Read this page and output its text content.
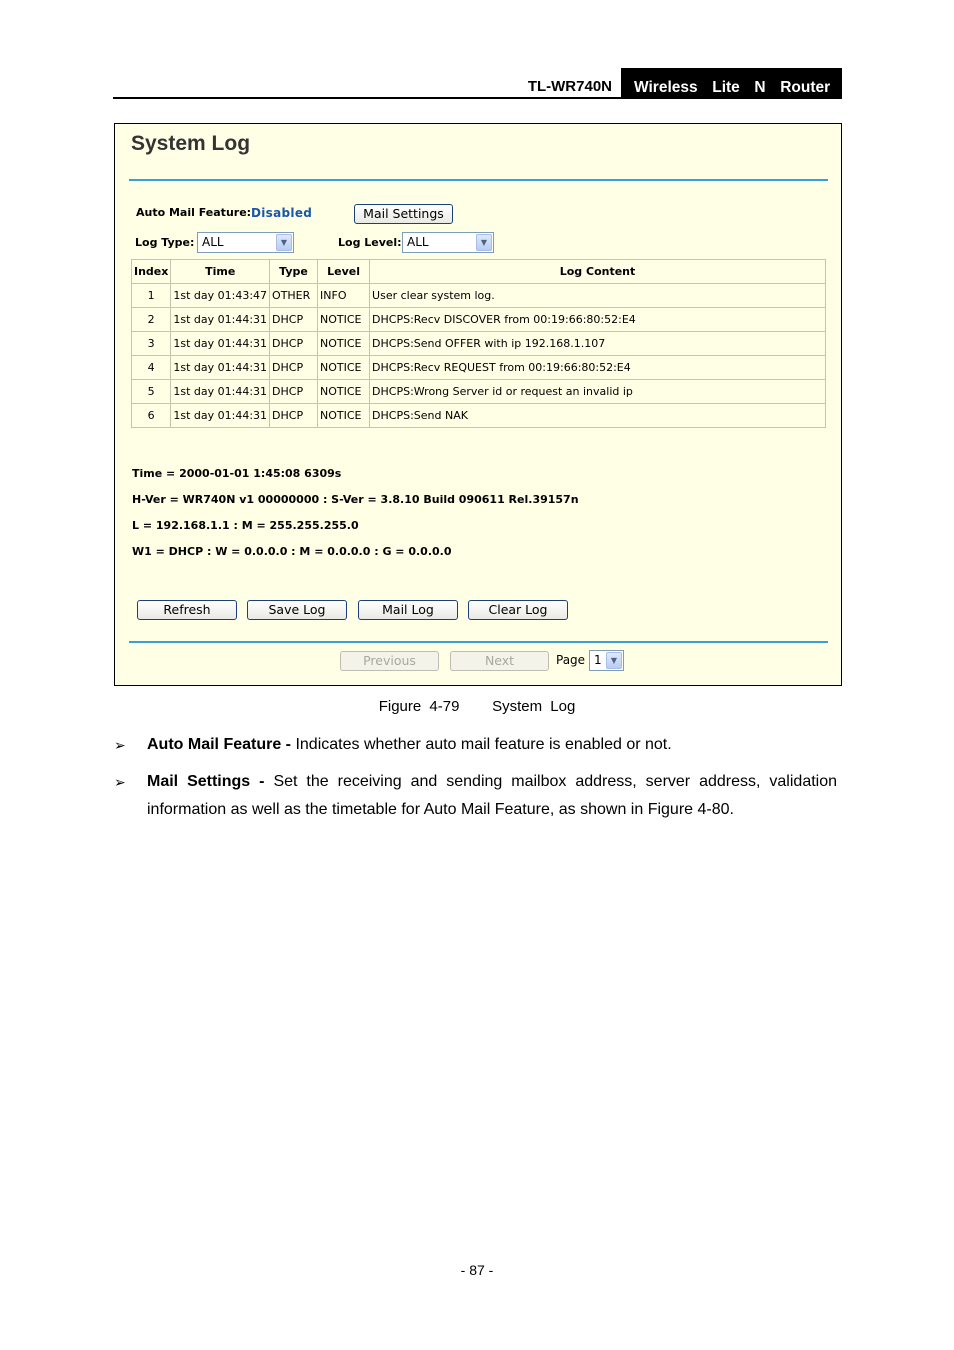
TL-WR740N	Wireless  Lite  N  Router
System Log
Auto Mail Feature: Disabled	Mail Settings
Log Type: ALL	▼	Log Level: ALL	▼
Index	Time	Type	Level	Log Content
1	1st day 01:43:47	OTHER	INFO	User clear system log.
2	1st day 01:44:31	DHCP	NOTICE	DHCPS:Recv DISCOVER from 00:19:66:80:52:E4
3	1st day 01:44:31	DHCP	NOTICE	DHCPS:Send OFFER with ip 192.168.1.107
4	1st day 01:44:31	DHCP	NOTICE	DHCPS:Recv REQUEST from 00:19:66:80:52:E4
5	1st day 01:44:31	DHCP	NOTICE	DHCPS:Wrong Server id or request an invalid ip
6	1st day 01:44:31	DHCP	NOTICE	DHCPS:Send NAK
Time = 2000-01-01 1:45:08 6309s
H-Ver = WR740N v1 00000000 : S-Ver = 3.8.10 Build 090611 Rel.39157n
L = 192.168.1.1 : M = 255.255.255.0
W1 = DHCP : W = 0.0.0.0 : M = 0.0.0.0 : G = 0.0.0.0
Refresh	Save Log	Mail Log	Clear Log
Previous	Next	Page 1	▼
Figure 4-79    System Log
➢ Auto Mail Feature - Indicates whether auto mail feature is enabled or not.
➢ Mail Settings - Set the receiving and sending mailbox address, server address, validation information as well as the timetable for Auto Mail Feature, as shown in Figure 4-80.
- 87 -
